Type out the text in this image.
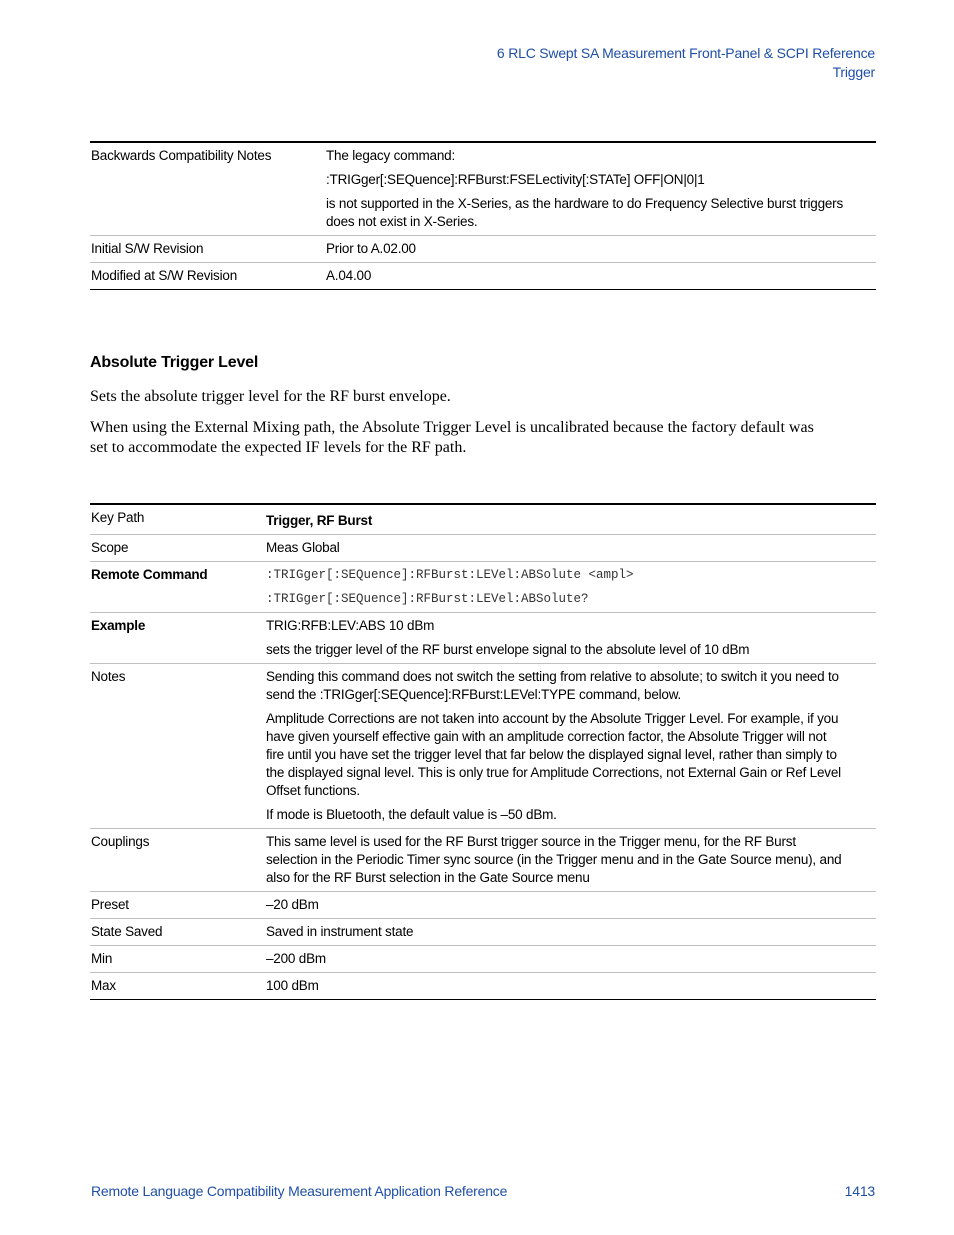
6 RLC Swept SA Measurement Front-Panel & SCPI Reference
Trigger
Backwards Compatibility Notes	The legacy command:
:TRIGger[:SEQuence]:RFBurst:FSELectivity[:STATe] OFF|ON|0|1
is not supported in the X-Series, as the hardware to do Frequency Selective burst triggers does not exist in X-Series.

Initial S/W Revision	Prior to A.02.00
Modified at S/W Revision	A.04.00
Absolute Trigger Level
Sets the absolute trigger level for the RF burst envelope.
When using the External Mixing path, the Absolute Trigger Level is uncalibrated because the factory default was set to accommodate the expected IF levels for the RF path.
Key Path	Trigger, RF Burst
Scope	Meas Global
Remote Command	:TRIGger[:SEQuence]:RFBurst:LEVel:ABSolute <ampl>
:TRIGger[:SEQuence]:RFBurst:LEVel:ABSolute?

Example	TRIG:RFB:LEV:ABS 10 dBm
sets the trigger level of the RF burst envelope signal to the absolute level of 10 dBm

Notes	Sending this command does not switch the setting from relative to absolute; to switch it you need to send the :TRIGger[:SEQuence]:RFBurst:LEVel:TYPE command, below.
Amplitude Corrections are not taken into account by the Absolute Trigger Level. For example, if you have given yourself effective gain with an amplitude correction factor, the Absolute Trigger will not fire until you have set the trigger level that far below the displayed signal level, rather than simply to the displayed signal level. This is only true for Amplitude Corrections, not External Gain or Ref Level Offset functions.
If mode is Bluetooth, the default value is –50 dBm.

Couplings	This same level is used for the RF Burst trigger source in the Trigger menu, for the RF Burst selection in the Periodic Timer sync source (in the Trigger menu and in the Gate Source menu), and also for the RF Burst selection in the Gate Source menu
Preset	–20 dBm
State Saved	Saved in instrument state
Min	–200 dBm
Max	100 dBm
Remote Language Compatibility Measurement Application Reference	1413
